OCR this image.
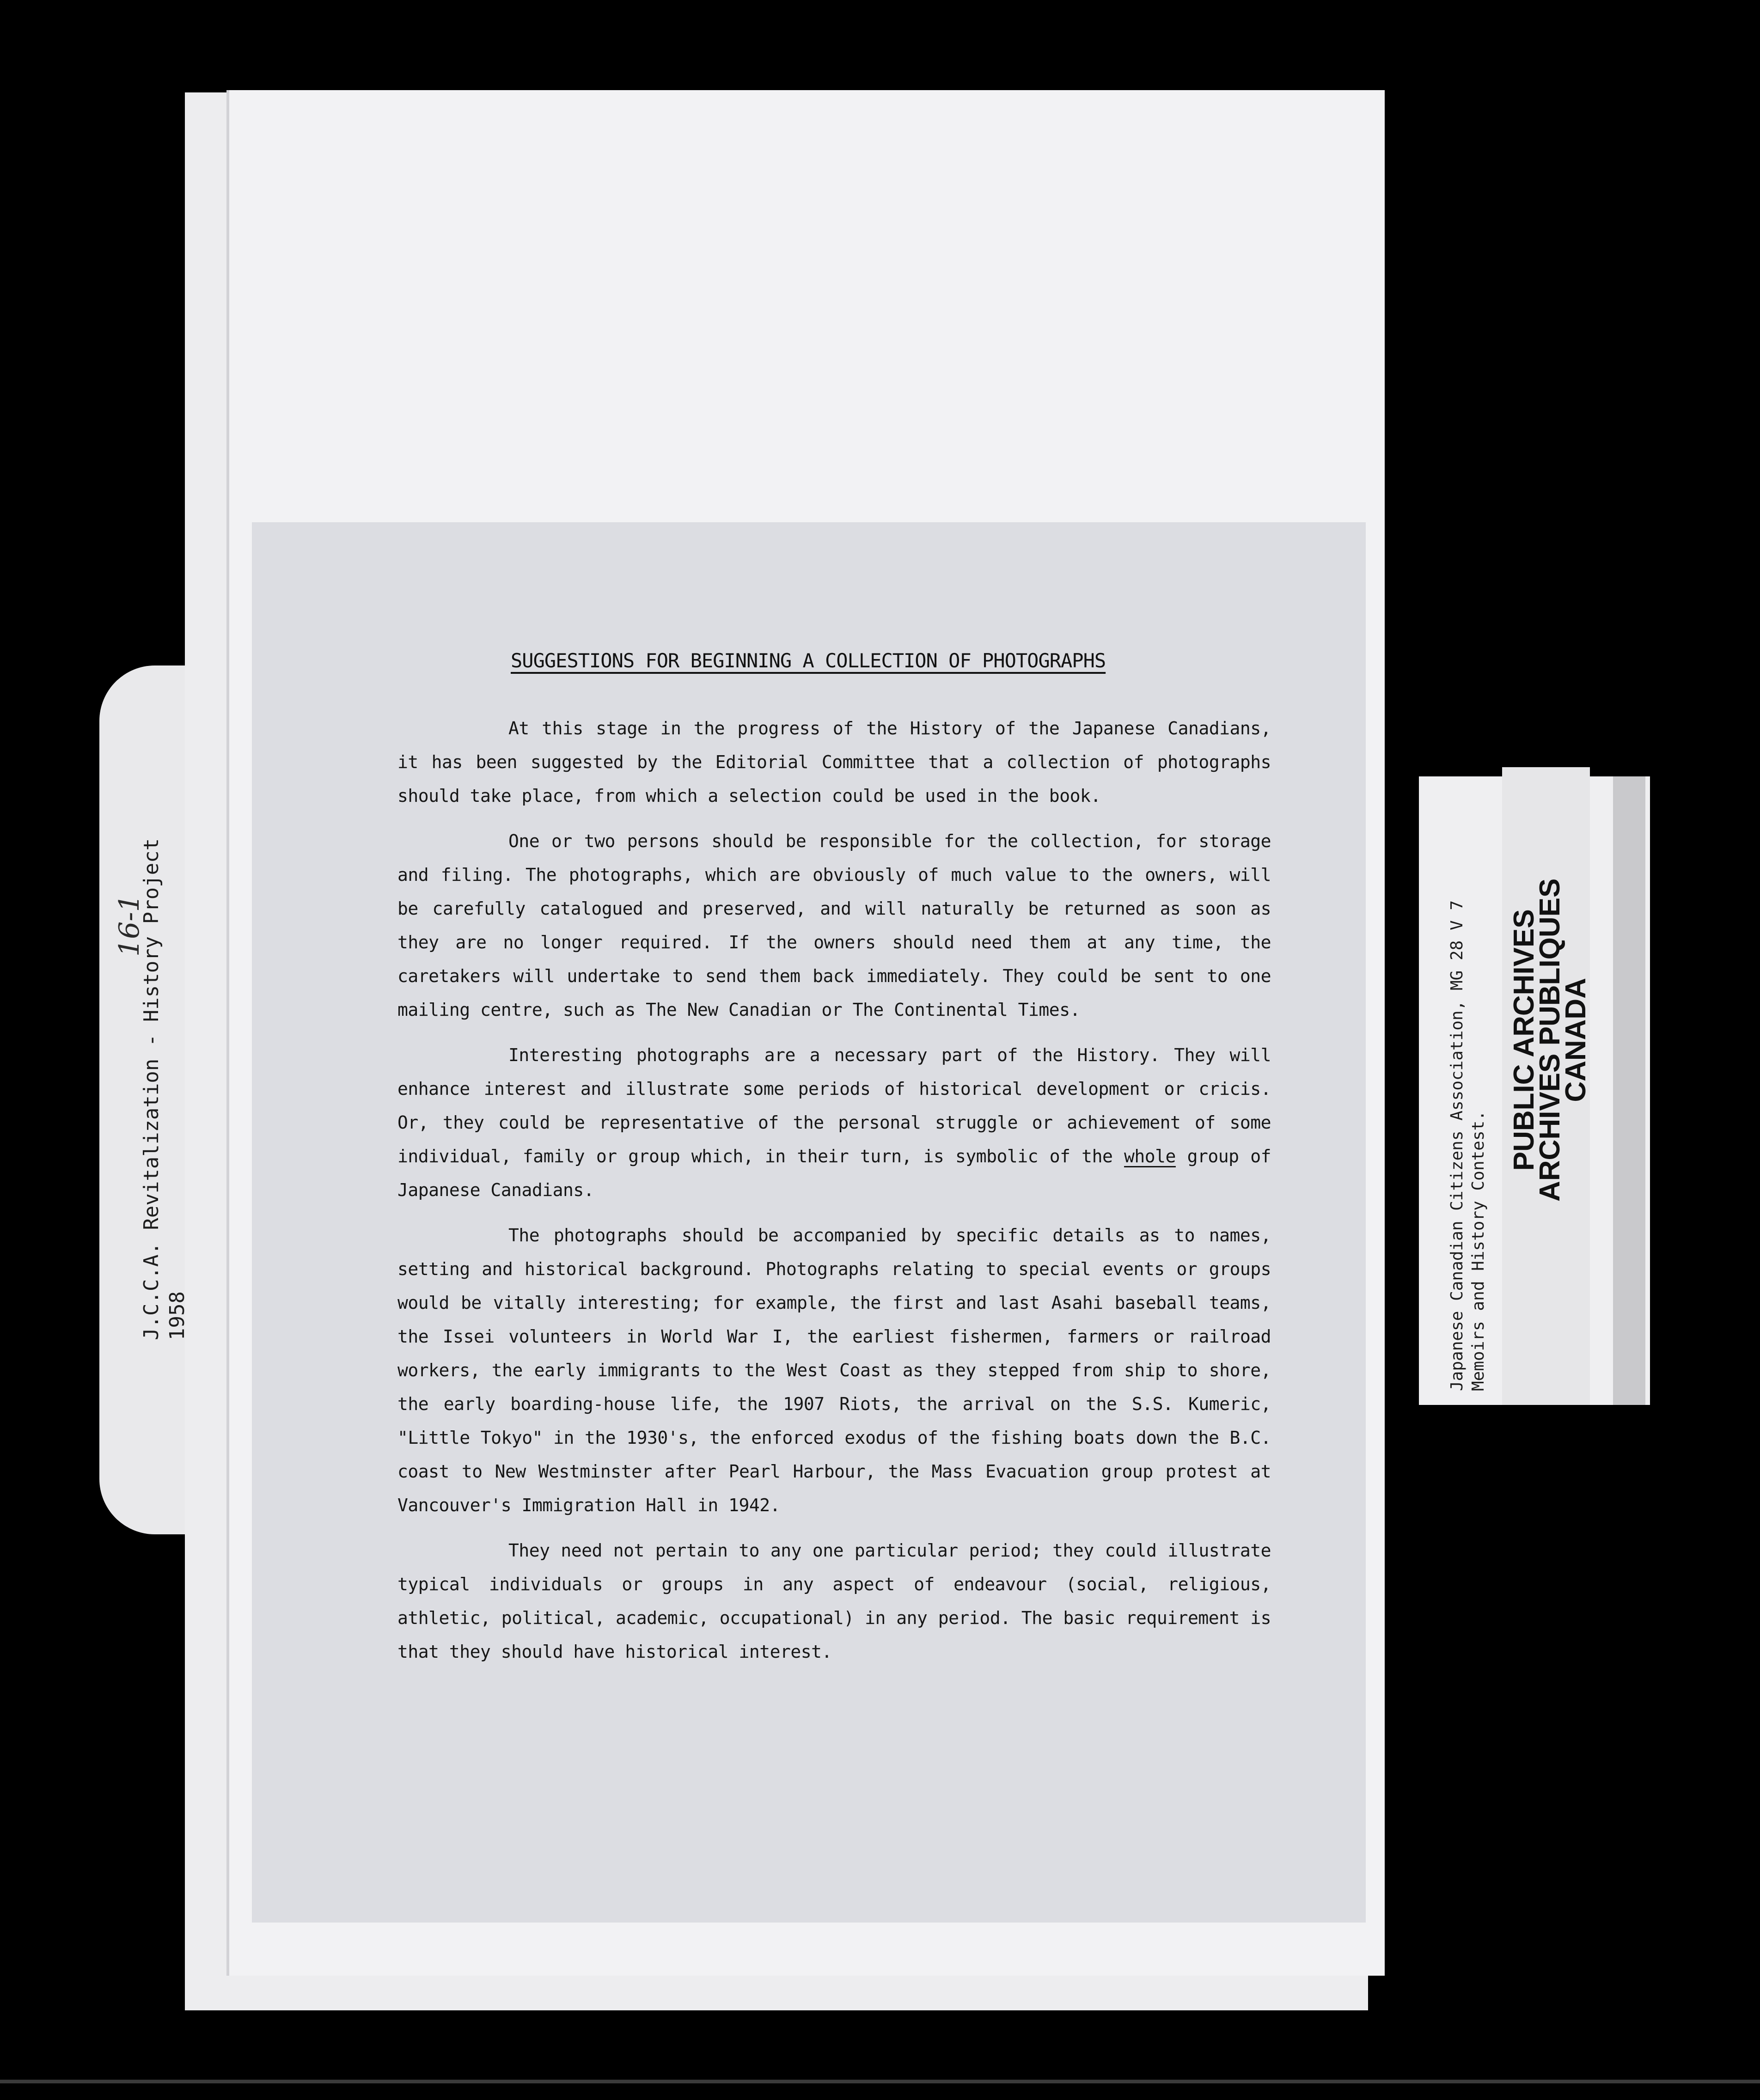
16-1
J.C.C.A. Revitalization - History Project 1958
SUGGESTIONS FOR BEGINNING A COLLECTION OF PHOTOGRAPHS

At this stage in the progress of the History of the Japanese Canadians, it has been suggested by the Editorial Committee that a collection of photographs should take place, from which a selection could be used in the book.

One or two persons should be responsible for the collection, for storage and filing. The photographs, which are obviously of much value to the owners, will be carefully catalogued and preserved, and will naturally be returned as soon as they are no longer required. If the owners should need them at any time, the caretakers will undertake to send them back immediately. They could be sent to one mailing centre, such as The New Canadian or The Continental Times.

Interesting photographs are a necessary part of the History. They will enhance interest and illustrate some periods of historical development or cricis. Or, they could be representative of the personal struggle or achievement of some individual, family or group which, in their turn, is symbolic of the whole group of Japanese Canadians.

The photographs should be accompanied by specific details as to names, setting and historical background. Photographs relating to special events or groups would be vitally interesting; for example, the first and last Asahi baseball teams, the Issei volunteers in World War I, the earliest fishermen, farmers or railroad workers, the early immigrants to the West Coast as they stepped from ship to shore, the early boarding-house life, the 1907 Riots, the arrival on the S.S. Kumeric, "Little Tokyo" in the 1930's, the enforced exodus of the fishing boats down the B.C. coast to New Westminster after Pearl Harbour, the Mass Evacuation group protest at Vancouver's Immigration Hall in 1942.

They need not pertain to any one particular period; they could illustrate typical individuals or groups in any aspect of endeavour (social, religious, athletic, political, academic, occupational) in any period. The basic requirement is that they should have historical interest.

Japanese Canadian Citizens Association, MG 28 V 7 Memoirs and History Contest.
PUBLIC ARCHIVES
ARCHIVES PUBLIQUES
CANADA
